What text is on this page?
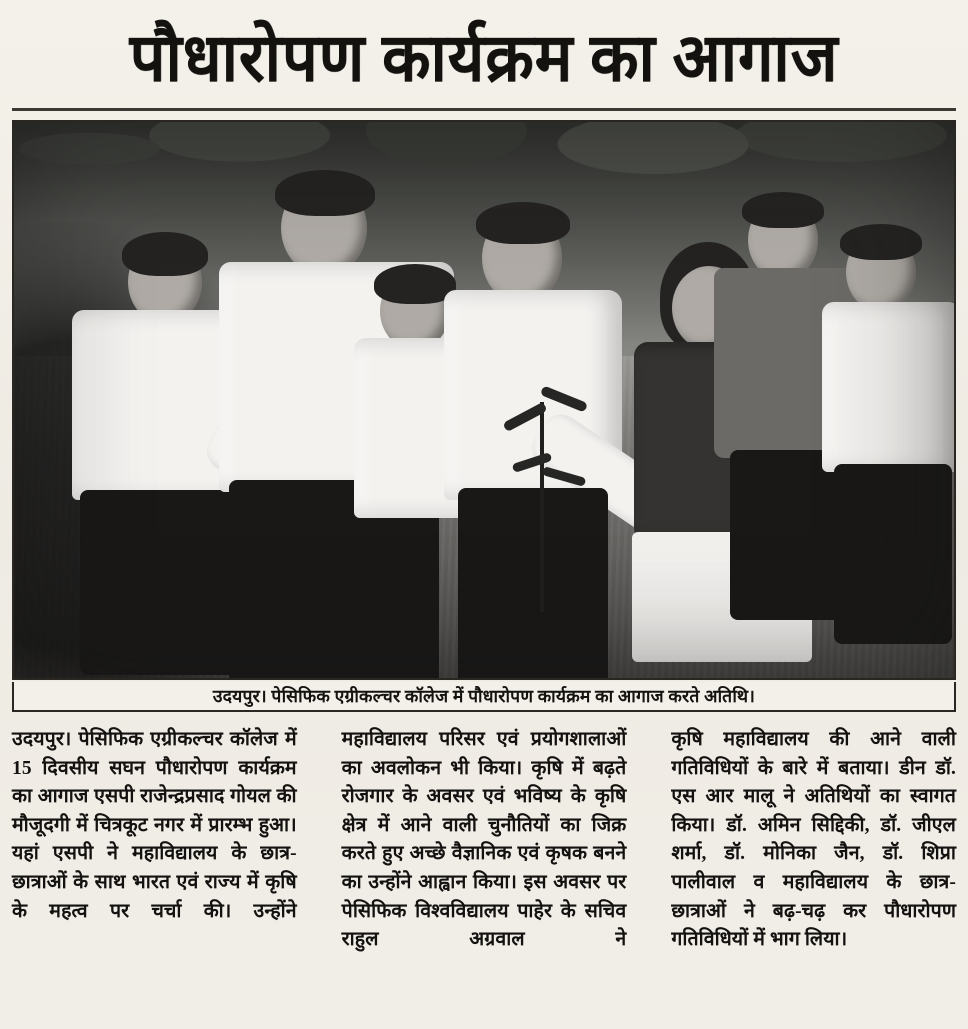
पौधारोपण कार्यक्रम का आगाज
उदयपुर। पेसिफिक एग्रीकल्चर कॉलेज में पौधारोपण कार्यक्रम का आगाज करते अतिथि।

उदयपुर। पेसिफिक एग्रीकल्चर कॉलेज में 15 दिवसीय सघन पौधारोपण कार्यक्रम का आगाज एसपी राजेन्द्रप्रसाद गोयल की मौजूदगी में चित्रकूट नगर में प्रारम्भ हुआ। यहां एसपी ने महाविद्यालय के छात्र-छात्राओं के साथ भारत एवं राज्य में कृषि के महत्व पर चर्चा की। उन्होंने

महाविद्यालय परिसर एवं प्रयोगशालाओं का अवलोकन भी किया। कृषि में बढ़ते रोजगार के अवसर एवं भविष्य के कृषि क्षेत्र में आने वाली चुनौतियों का जिक्र करते हुए अच्छे वैज्ञानिक एवं कृषक बनने का उन्होंने आह्वान किया। इस अवसर पर पेसिफिक विश्वविद्यालय पाहेर के सचिव राहुल अग्रवाल ने

कृषि महाविद्यालय की आने वाली गतिविधियों के बारे में बताया। डीन डॉ. एस आर मालू ने अतिथियों का स्वागत किया। डॉ. अमिन सिद्दिकी, डॉ. जीएल शर्मा, डॉ. मोनिका जैन, डॉ. शिप्रा पालीवाल व महाविद्यालय के छात्र-छात्राओं ने बढ़-चढ़ कर पौधारोपण गतिविधियों में भाग लिया।
